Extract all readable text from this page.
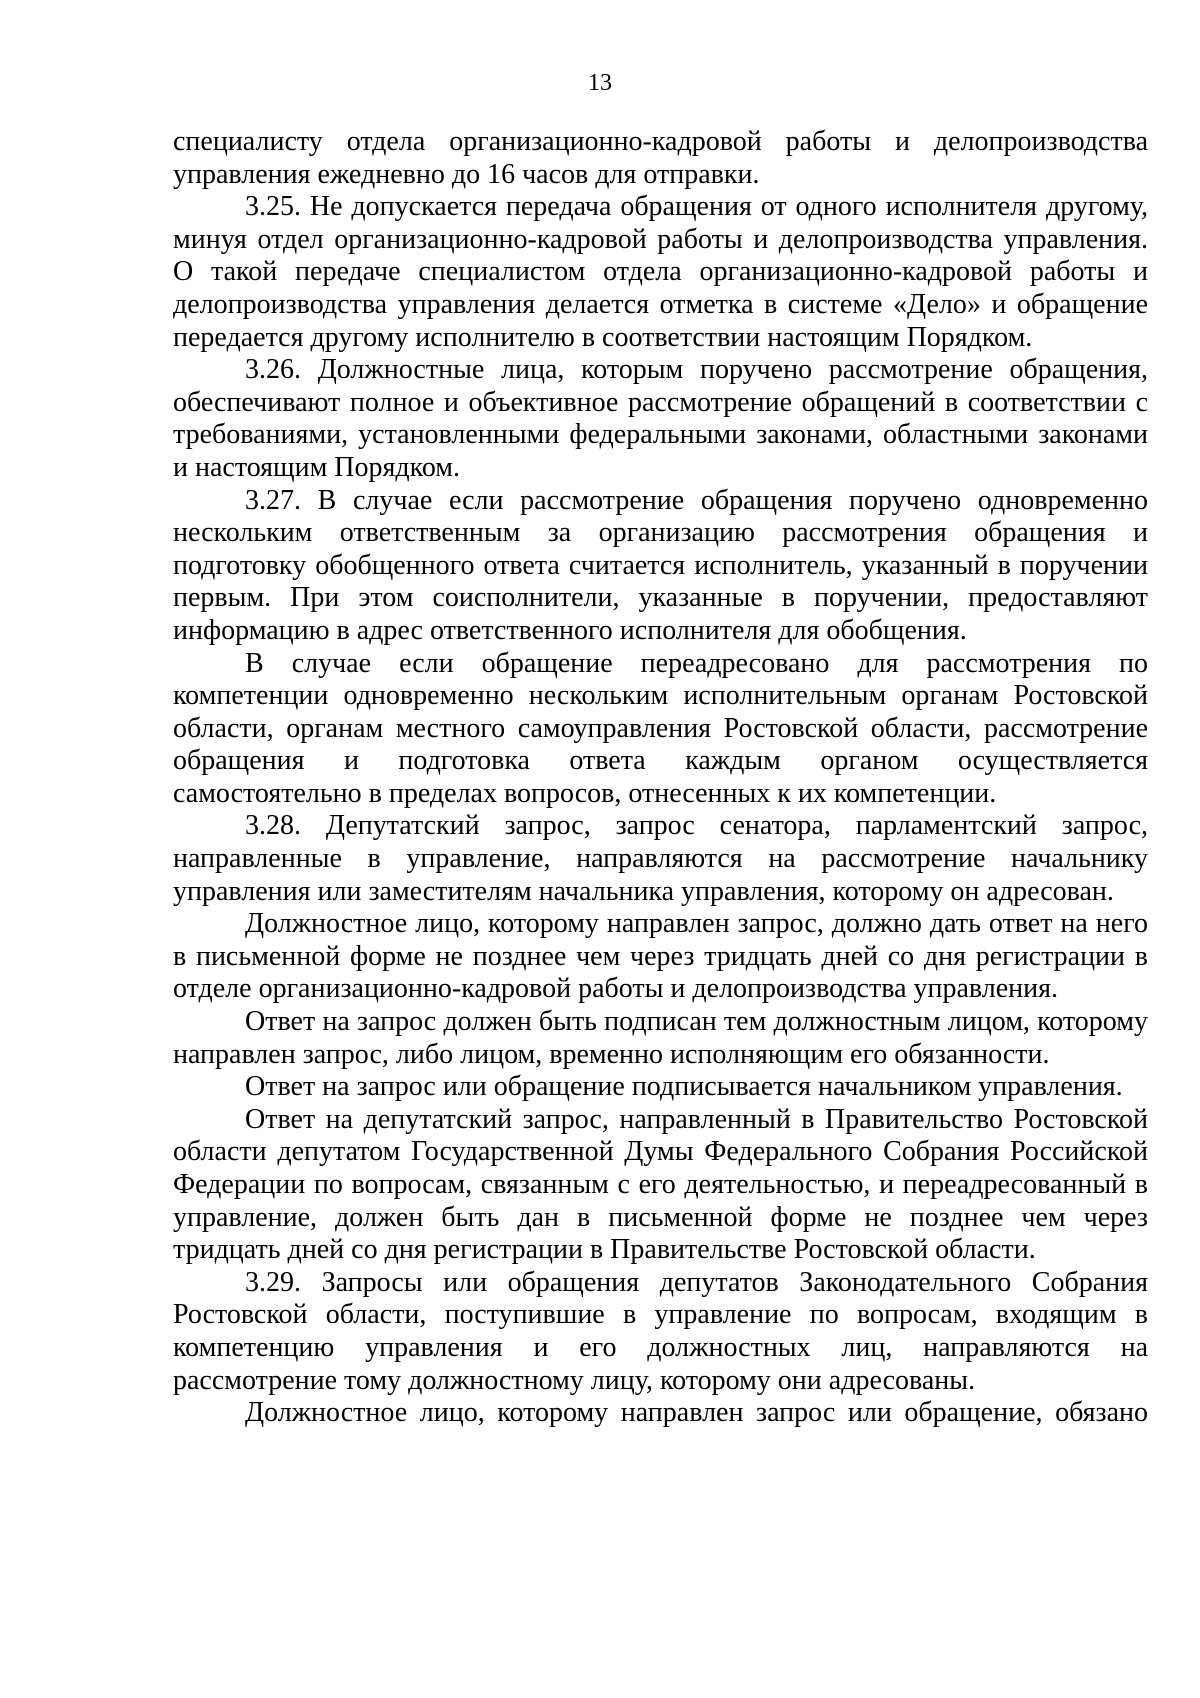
13

специалисту отдела организационно-кадровой работы и делопроизводства управления ежедневно до 16 часов для отправки.

3.25. Не допускается передача обращения от одного исполнителя другому, минуя отдел организационно-кадровой работы и делопроизводства управления. О такой передаче специалистом отдела организационно-кадровой работы и делопроизводства управления делается отметка в системе «Дело» и обращение передается другому исполнителю в соответствии настоящим Порядком.

3.26. Должностные лица, которым поручено рассмотрение обращения, обеспечивают полное и объективное рассмотрение обращений в соответствии с требованиями, установленными федеральными законами, областными законами и настоящим Порядком.

3.27. В случае если рассмотрение обращения поручено одновременно нескольким ответственным за организацию рассмотрения обращения и подготовку обобщенного ответа считается исполнитель, указанный в поручении первым. При этом соисполнители, указанные в поручении, предоставляют информацию в адрес ответственного исполнителя для обобщения.

В случае если обращение переадресовано для рассмотрения по компетенции одновременно нескольким исполнительным органам Ростовской области, органам местного самоуправления Ростовской области, рассмотрение обращения и подготовка ответа каждым органом осуществляется самостоятельно в пределах вопросов, отнесенных к их компетенции.

3.28. Депутатский запрос, запрос сенатора, парламентский запрос, направленные в управление, направляются на рассмотрение начальнику управления или заместителям начальника управления, которому он адресован.

Должностное лицо, которому направлен запрос, должно дать ответ на него в письменной форме не позднее чем через тридцать дней со дня регистрации в отделе организационно-кадровой работы и делопроизводства управления.

Ответ на запрос должен быть подписан тем должностным лицом, которому направлен запрос, либо лицом, временно исполняющим его обязанности.

Ответ на запрос или обращение подписывается начальником управления.

Ответ на депутатский запрос, направленный в Правительство Ростовской области депутатом Государственной Думы Федерального Собрания Российской Федерации по вопросам, связанным с его деятельностью, и переадресованный в управление, должен быть дан в письменной форме не позднее чем через тридцать дней со дня регистрации в Правительстве Ростовской области.

3.29. Запросы или обращения депутатов Законодательного Собрания Ростовской области, поступившие в управление по вопросам, входящим в компетенцию управления и его должностных лиц, направляются на рассмотрение тому должностному лицу, которому они адресованы.

Должностное лицо, которому направлен запрос или обращение, обязано
